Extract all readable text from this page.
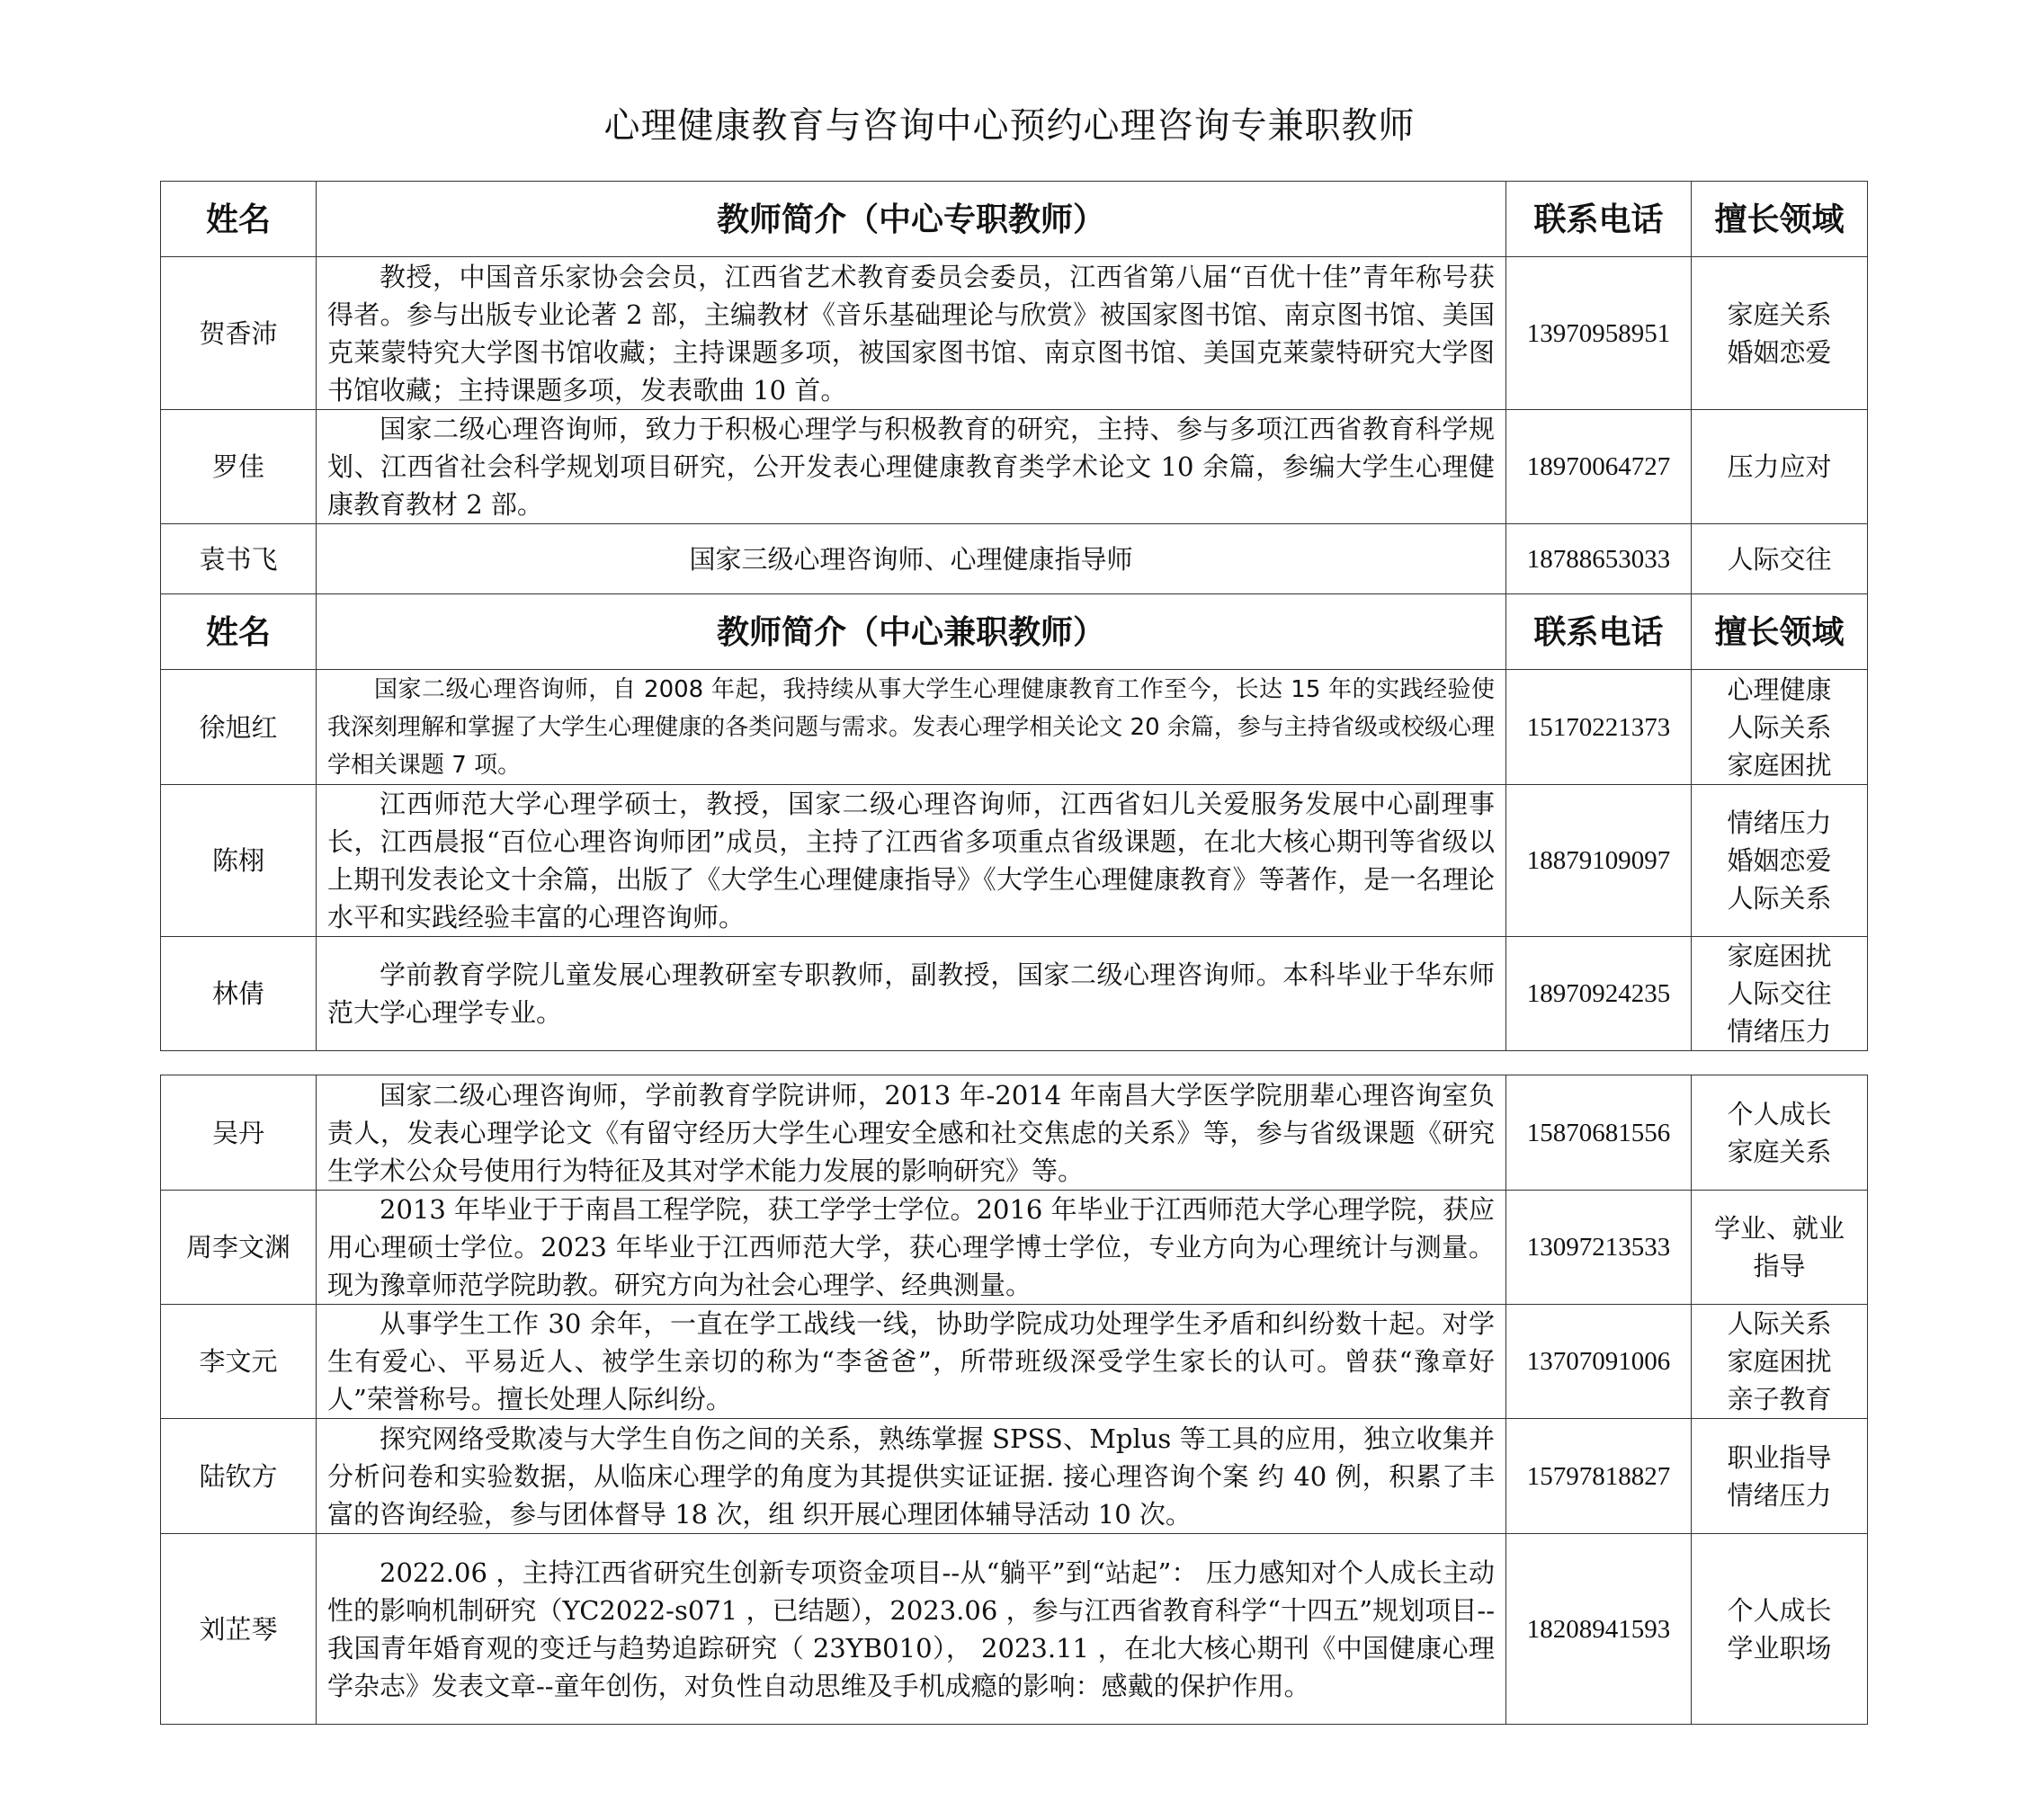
心理健康教育与咨询中心预约心理咨询专兼职教师
姓名	教师简介（中心专职教师）	联系电话	擅长领域
贺香沛	教授，中国音乐家协会会员，江西省艺术教育委员会委员，江西省第八届“百优十佳”青年称号获得者。参与出版专业论著 2 部，主编教材《音乐基础理论与欣赏》被国家图书馆、南京图书馆、美国克莱蒙特究大学图书馆收藏；主持课题多项，被国家图书馆、南京图书馆、美国克莱蒙特研究大学图书馆收藏；主持课题多项，发表歌曲 10 首。	13970958951	家庭关系
婚姻恋爱

罗佳	国家二级心理咨询师，致力于积极心理学与积极教育的研究，主持、参与多项江西省教育科学规划、江西省社会科学规划项目研究，公开发表心理健康教育类学术论文 10 余篇，参编大学生心理健康教育教材 2 部。	18970064727	压力应对

袁书飞	国家三级心理咨询师、心理健康指导师	18788653033	人际交往

姓名	教师简介（中心兼职教师）	联系电话	擅长领域
徐旭红	国家二级心理咨询师，自 2008 年起，我持续从事大学生心理健康教育工作至今，长达 15 年的实践经验使我深刻理解和掌握了大学生心理健康的各类问题与需求。发表心理学相关论文 20 余篇，参与主持省级或校级心理学相关课题 7 项。	15170221373	心理健康
人际关系
家庭困扰

陈栩	江西师范大学心理学硕士，教授，国家二级心理咨询师，江西省妇儿关爱服务发展中心副理事长，江西晨报“百位心理咨询师团”成员，主持了江西省多项重点省级课题，在北大核心期刊等省级以上期刊发表论文十余篇，出版了《大学生心理健康指导》《大学生心理健康教育》等著作，是一名理论水平和实践经验丰富的心理咨询师。	18879109097	情绪压力
婚姻恋爱
人际关系

林倩	学前教育学院儿童发展心理教研室专职教师，副教授，国家二级心理咨询师。本科毕业于华东师范大学心理学专业。	18970924235	家庭困扰
人际交往
情绪压力
吴丹	国家二级心理咨询师，学前教育学院讲师，2013 年-2014 年南昌大学医学院朋辈心理咨询室负责人，发表心理学论文《有留守经历大学生心理安全感和社交焦虑的关系》等，参与省级课题《研究生学术公众号使用行为特征及其对学术能力发展的影响研究》等。	15870681556	个人成长
家庭关系

周李文渊	2013 年毕业于于南昌工程学院，获工学学士学位。2016 年毕业于江西师范大学心理学院，获应用心理硕士学位。2023 年毕业于江西师范大学，获心理学博士学位，专业方向为心理统计与测量。现为豫章师范学院助教。研究方向为社会心理学、经典测量。	13097213533	学业、就业
指导

李文元	从事学生工作 30 余年，一直在学工战线一线，协助学院成功处理学生矛盾和纠纷数十起。对学生有爱心、平易近人、被学生亲切的称为“李爸爸”，所带班级深受学生家长的认可。曾获“豫章好人”荣誉称号。擅长处理人际纠纷。	13707091006	人际关系
家庭困扰
亲子教育

陆钦方	探究网络受欺凌与大学生自伤之间的关系，熟练掌握 SPSS、Mplus 等工具的应用，独立收集并分析问卷和实验数据，从临床心理学的角度为其提供实证证据. 接心理咨询个案 约 40 例，积累了丰富的咨询经验，参与团体督导 18 次，组 织开展心理团体辅导活动 10 次。	15797818827	职业指导
情绪压力

刘芷琴	2022.06 ，主持江西省研究生创新专项资金项目--从“躺平”到“站起”： 压力感知对个人成长主动性的影响机制研究（YC2022-s071 ，已结题），2023.06 ，参与江西省教育科学“十四五”规划项目--我国青年婚育观的变迁与趋势追踪研究（ 23YB010）， 2023.11 ，在北大核心期刊《中国健康心理学杂志》发表文章--童年创伤，对负性自动思维及手机成瘾的影响：感戴的保护作用。	18208941593	个人成长
学业职场
